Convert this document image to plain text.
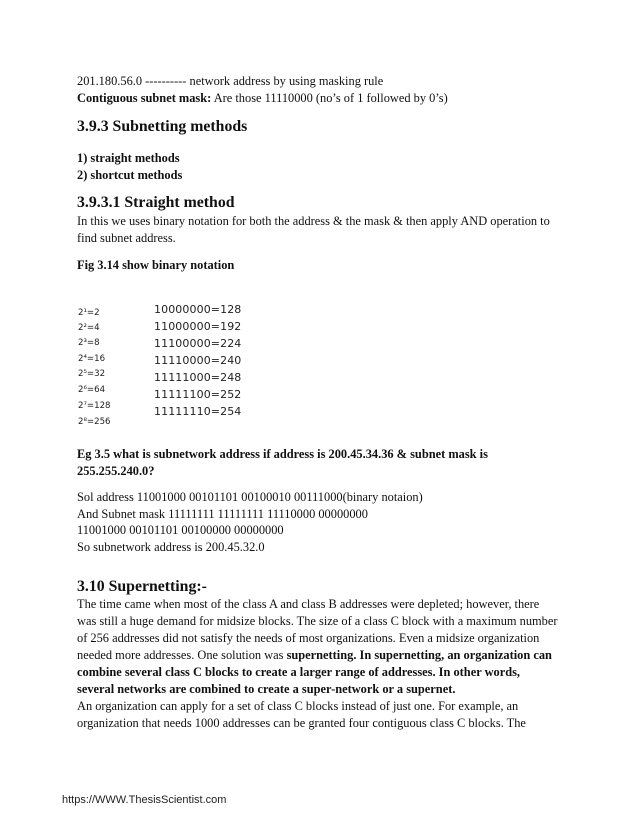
201.180.56.0 ---------- network address by using masking rule
Contiguous subnet mask: Are those 11110000 (no’s of 1 followed by 0’s)
3.9.3 Subnetting methods
1) straight methods
2) shortcut methods
3.9.3.1 Straight method
In this we uses binary notation for both the address & the mask & then apply AND operation to
find subnet address.
Fig 3.14 show binary notation
2¹=2
2²=4
2³=8
2⁴=16
2⁵=32
2⁶=64
2⁷=128
2⁸=256
10000000=128
11000000=192
11100000=224
11110000=240
11111000=248
11111100=252
11111110=254
Eg 3.5 what is subnetwork address if address is 200.45.34.36 & subnet mask is
255.255.240.0?
Sol address 11001000 00101101 00100010 00111000(binary notaion)
And Subnet mask 11111111 11111111 11110000 00000000
11001000 00101101 00100000 00000000
So subnetwork address is 200.45.32.0
3.10 Supernetting:-
The time came when most of the class A and class B addresses were depleted; however, there
was still a huge demand for midsize blocks. The size of a class C block with a maximum number
of 256 addresses did not satisfy the needs of most organizations. Even a midsize organization
needed more addresses. One solution was supernetting. In supernetting, an organization can
combine several class C blocks to create a larger range of addresses. In other words,
several networks are combined to create a super-network or a supernet.
An organization can apply for a set of class C blocks instead of just one. For example, an
organization that needs 1000 addresses can be granted four contiguous class C blocks. The
https://WWW.ThesisScientist.com
